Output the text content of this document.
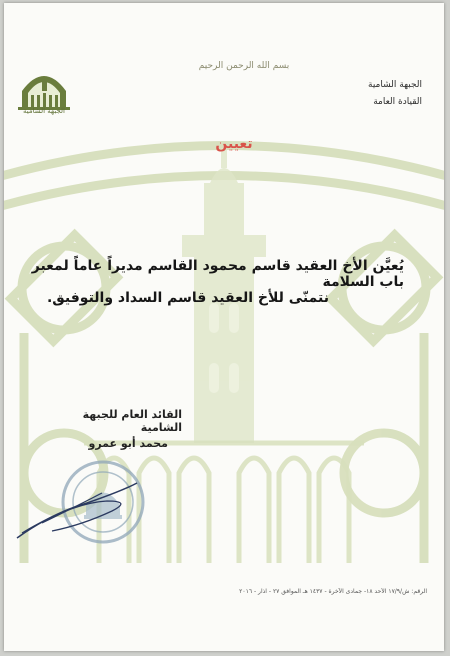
بسم الله الرحمن الرحيم
الجبهة الشامية
القيادة العامة
الجبهة الشامية
تعيين
يُعيَّن الأخ العقيد قاسم محمود القاسم مديراً عاماً لمعبر باب السلامة
نتمنّى للأخ العقيد قاسم السداد والتوفيق.
القائد العام للجبهة الشامية
محمد أبو عمرو
الرقم: ش/١٧/٩ الأحد ١٨- جمادى الآخرة - ١٤٣٧ هـ الموافق ٢٧ - آذار - ٢٠١٦
